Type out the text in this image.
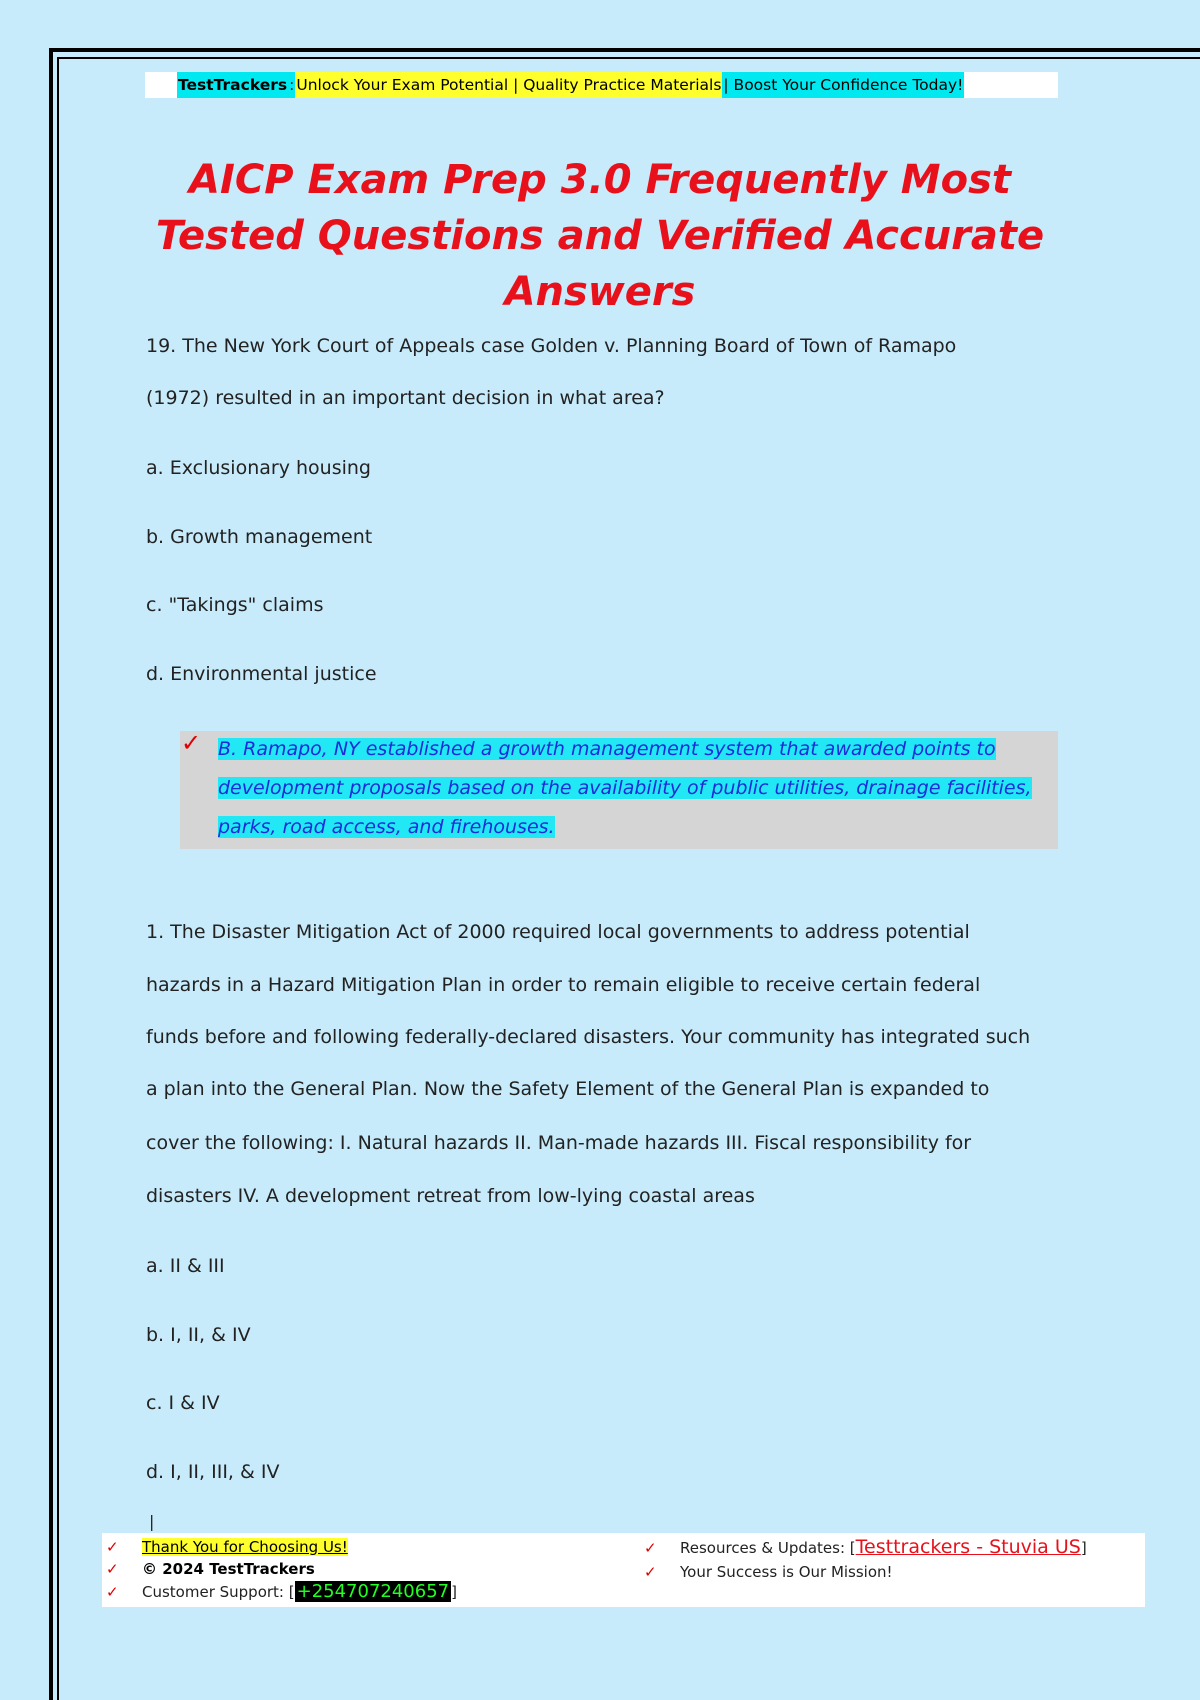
TestTrackers : Unlock Your Exam Potential | Quality Practice Materials | Boost Your Confidence Today!
AICP Exam Prep 3.0 Frequently Most Tested Questions and Verified Accurate Answers

19. The New York Court of Appeals case Golden v. Planning Board of Town of Ramapo

(1972) resulted in an important decision in what area?

a. Exclusionary housing

b. Growth management

c. "Takings" claims

d. Environmental justice

✓ B. Ramapo, NY established a growth management system that awarded points to
development proposals based on the availability of public utilities, drainage facilities,
parks, road access, and firehouses.

1. The Disaster Mitigation Act of 2000 required local governments to address potential

hazards in a Hazard Mitigation Plan in order to remain eligible to receive certain federal

funds before and following federally-declared disasters. Your community has integrated such

a plan into the General Plan. Now the Safety Element of the General Plan is expanded to

cover the following: I. Natural hazards II. Man-made hazards III. Fiscal responsibility for

disasters IV. A development retreat from low-lying coastal areas

a. II & III

b. I, II, & IV

c. I & IV

d. I, II, III, & IV

|
✓ Thank You for Choosing Us!
✓ © 2024 TestTrackers
✓ Customer Support: [ +254707240657 ]
✓ Resources & Updates: [Testtrackers - Stuvia US]
✓ Your Success is Our Mission!
